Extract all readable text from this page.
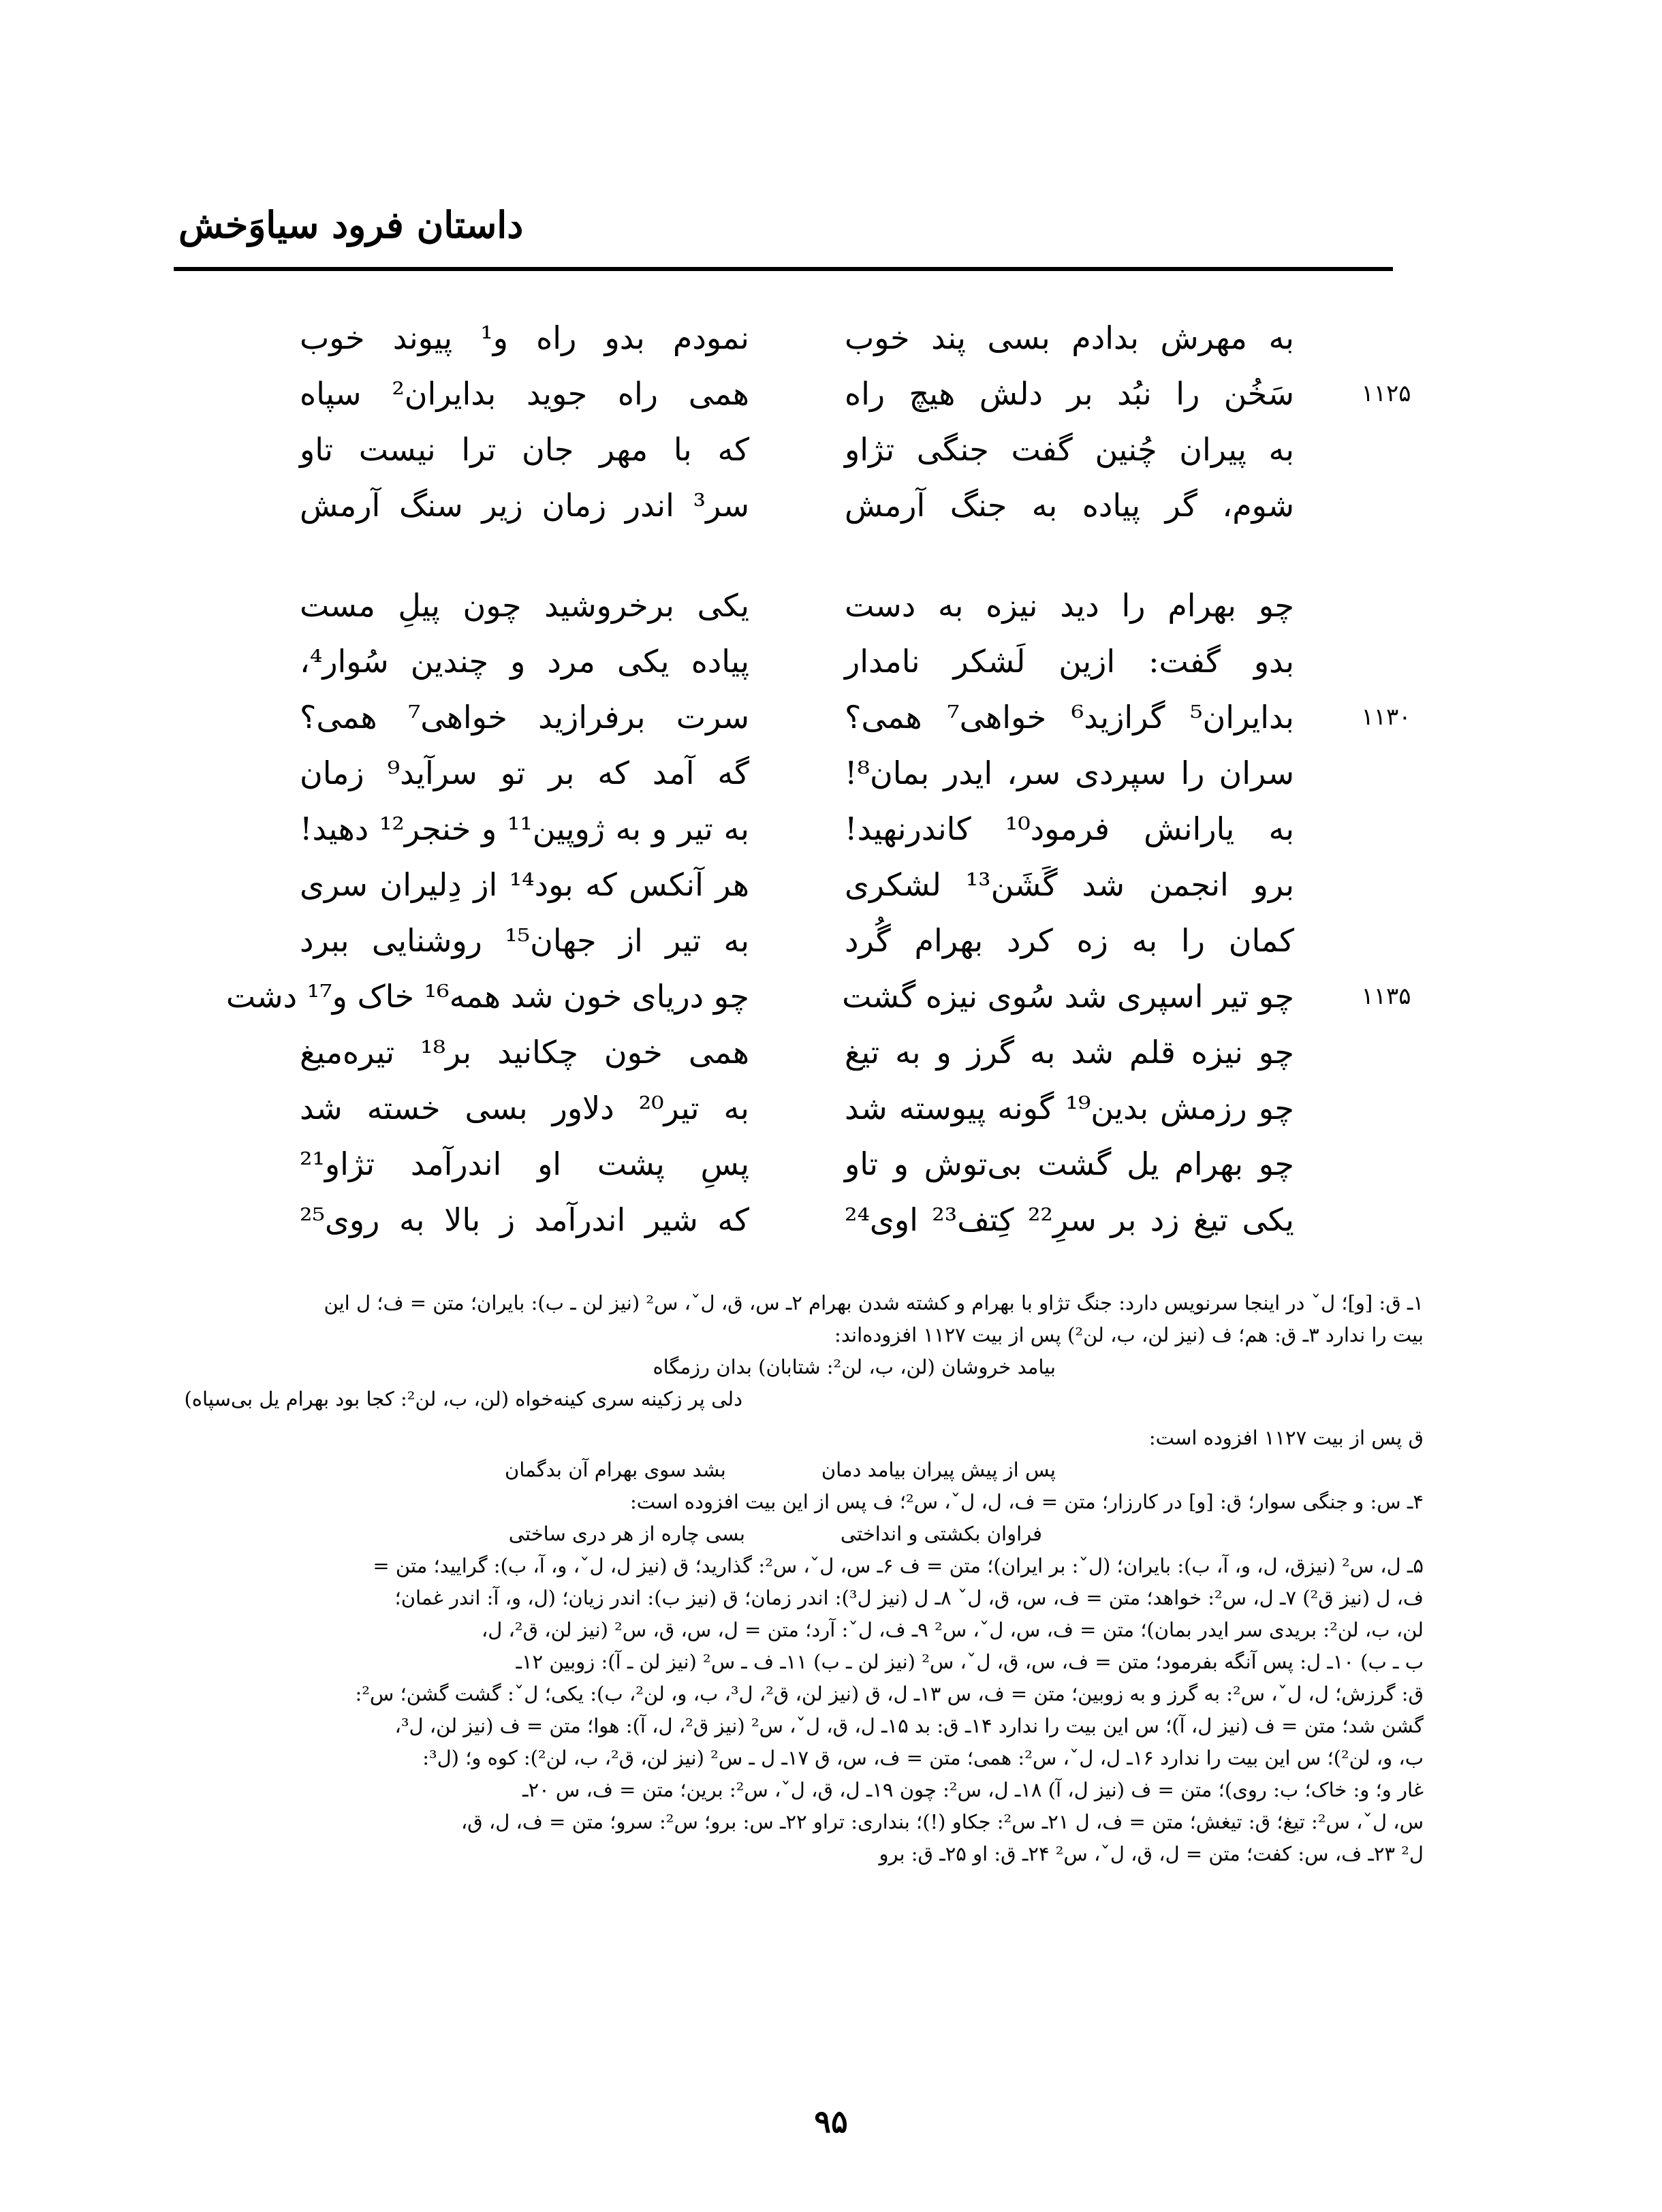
داستان فرود سیاوَخش
به مهرش بدادم بسی پند خوب
نمودم بدو راه و¹ پیوند خوب
۱۱۲۵
سَخُن را نبُد بر دلش هیچ راه
همی راه جوید بدایران² سپاه
به پیران چُنین گفت جنگی تژاو
که با مهر جان ترا نیست تاو
شوم، گر پیاده به جنگ آرمش
سر³ اندر زمان زیر سنگ آرمش
چو بهرام را دید نیزه به دست
یکی برخروشید چون پیلِ مست
بدو گفت: ازین لَشکر نامدار
پیاده یکی مرد و چندین سُوار⁴،
۱۱۳۰
بدایران⁵ گرازید⁶ خواهی⁷ همی؟
سرت برفرازید خواهی⁷ همی؟
سران را سپردی سر، ایدر بمان⁸!
گه آمد که بر تو سرآید⁹ زمان
به یارانش فرمود¹⁰ کاندرنهید!
به تیر و به ژوپین¹¹ و خنجر¹² دهید!
برو انجمن شد گَشَن¹³ لشکری
هر آنکس که بود¹⁴ از دِلیران سری
کمان را به زه کرد بهرام گُرد
به تیر از جهان¹⁵ روشنایی ببرد
۱۱۳۵
چو تیر اسپری شد سُوی نیزه گشت
چو دریای خون شد همه¹⁶ خاک و¹⁷ دشت
چو نیزه قلم شد به گرز و به تیغ
همی خون چکانید بر¹⁸ تیره‌میغ
چو رزمش بدین¹⁹ گونه پیوسته شد
به تیر²⁰ دلاور بسی خسته شد
چو بهرام یل گشت بی‌توش و تاو
پسِ پشت او اندرآمد تژاو²¹
یکی تیغ زد بر سرِ²² کِتف²³ اوی²⁴
که شیر اندرآمد ز بالا به روی²⁵
۱ـ ق: [و]؛ لˇ در اینجا سرنویس دارد: جنگ تژاو با بهرام و کشته شدن بهرام ۲ـ س، ق، لˇ، س² (نیز لن ـ ب): بایران؛ متن = ف؛ ل این
بیت را ندارد ۳ـ ق: هم؛ ف (نیز لن، ب، لن²) پس از بیت ۱۱۲۷ افزوده‌اند:
بیامد خروشان (لن، ب، لن²: شتابان) بدان رزمگاه
دلی پر زکینه سری کینه‌خواه (لن، ب، لن²: کجا بود بهرام یل بی‌سپاه)
ق پس از بیت ۱۱۲۷ افزوده است:
پس از پیش پیران بیامد دمان
بشد سوی بهرام آن بدگمان
۴ـ س: و جنگی سوار؛ ق: [و] در کارزار؛ متن = ف، ل، لˇ، س²؛ ف پس از این بیت افزوده است:
فراوان بکشتی و انداختی
بسی چاره از هر دری ساختی
۵ـ ل، س² (نیزق، ل، و، آ، ب): بایران؛ (لˇ: بر ایران)؛ متن = ف ۶ـ س، لˇ، س²: گذارید؛ ق (نیز ل، لˇ، و، آ، ب): گرایید؛ متن =
ف، ل (نیز ق²) ۷ـ ل، س²: خواهد؛ متن = ف، س، ق، لˇ ۸ـ ل (نیز ل³): اندر زمان؛ ق (نیز ب): اندر زیان؛ (ل، و، آ: اندر غمان؛
لن، ب، لن²: بریدی سر ایدر بمان)؛ متن = ف، س، لˇ، س² ۹ـ ف، لˇ: آرد؛ متن = ل، س، ق، س² (نیز لن، ق²، ل،
ب ـ ب) ۱۰ـ ل: پس آنگه بفرمود؛ متن = ف، س، ق، لˇ، س² (نیز لن ـ ب) ۱۱ـ ف ـ س² (نیز لن ـ آ): زوبین ۱۲ـ
ق: گرزش؛ ل، لˇ، س²: به گرز و به زوبین؛ متن = ف، س ۱۳ـ ل، ق (نیز لن، ق²، ل³، ب، و، لن²، ب): یکی؛ لˇ: گشت گشن؛ س²:
گشن شد؛ متن = ف (نیز ل، آ)؛ س این بیت را ندارد ۱۴ـ ق: بد ۱۵ـ ل، ق، لˇ، س² (نیز ق²، ل، آ): هوا؛ متن = ف (نیز لن، ل³،
ب، و، لن²)؛ س این بیت را ندارد ۱۶ـ ل، لˇ، س²: همی؛ متن = ف، س، ق ۱۷ـ ل ـ س² (نیز لن، ق²، ب، لن²): کوه و؛ (ل³:
غار و؛ و: خاک؛ ب: روی)؛ متن = ف (نیز ل، آ) ۱۸ـ ل، س²: چون ۱۹ـ ل، ق، لˇ، س²: برین؛ متن = ف، س ۲۰ـ
س، لˇ، س²: تیغ؛ ق: تیغش؛ متن = ف، ل ۲۱ـ س²: جکاو (!)؛ بنداری: تراو ۲۲ـ س: برو؛ س²: سرو؛ متن = ف، ل، ق،
ل² ۲۳ـ ف، س: کفت؛ متن = ل، ق، لˇ، س² ۲۴ـ ق: او ۲۵ـ ق: برو
۹۵
